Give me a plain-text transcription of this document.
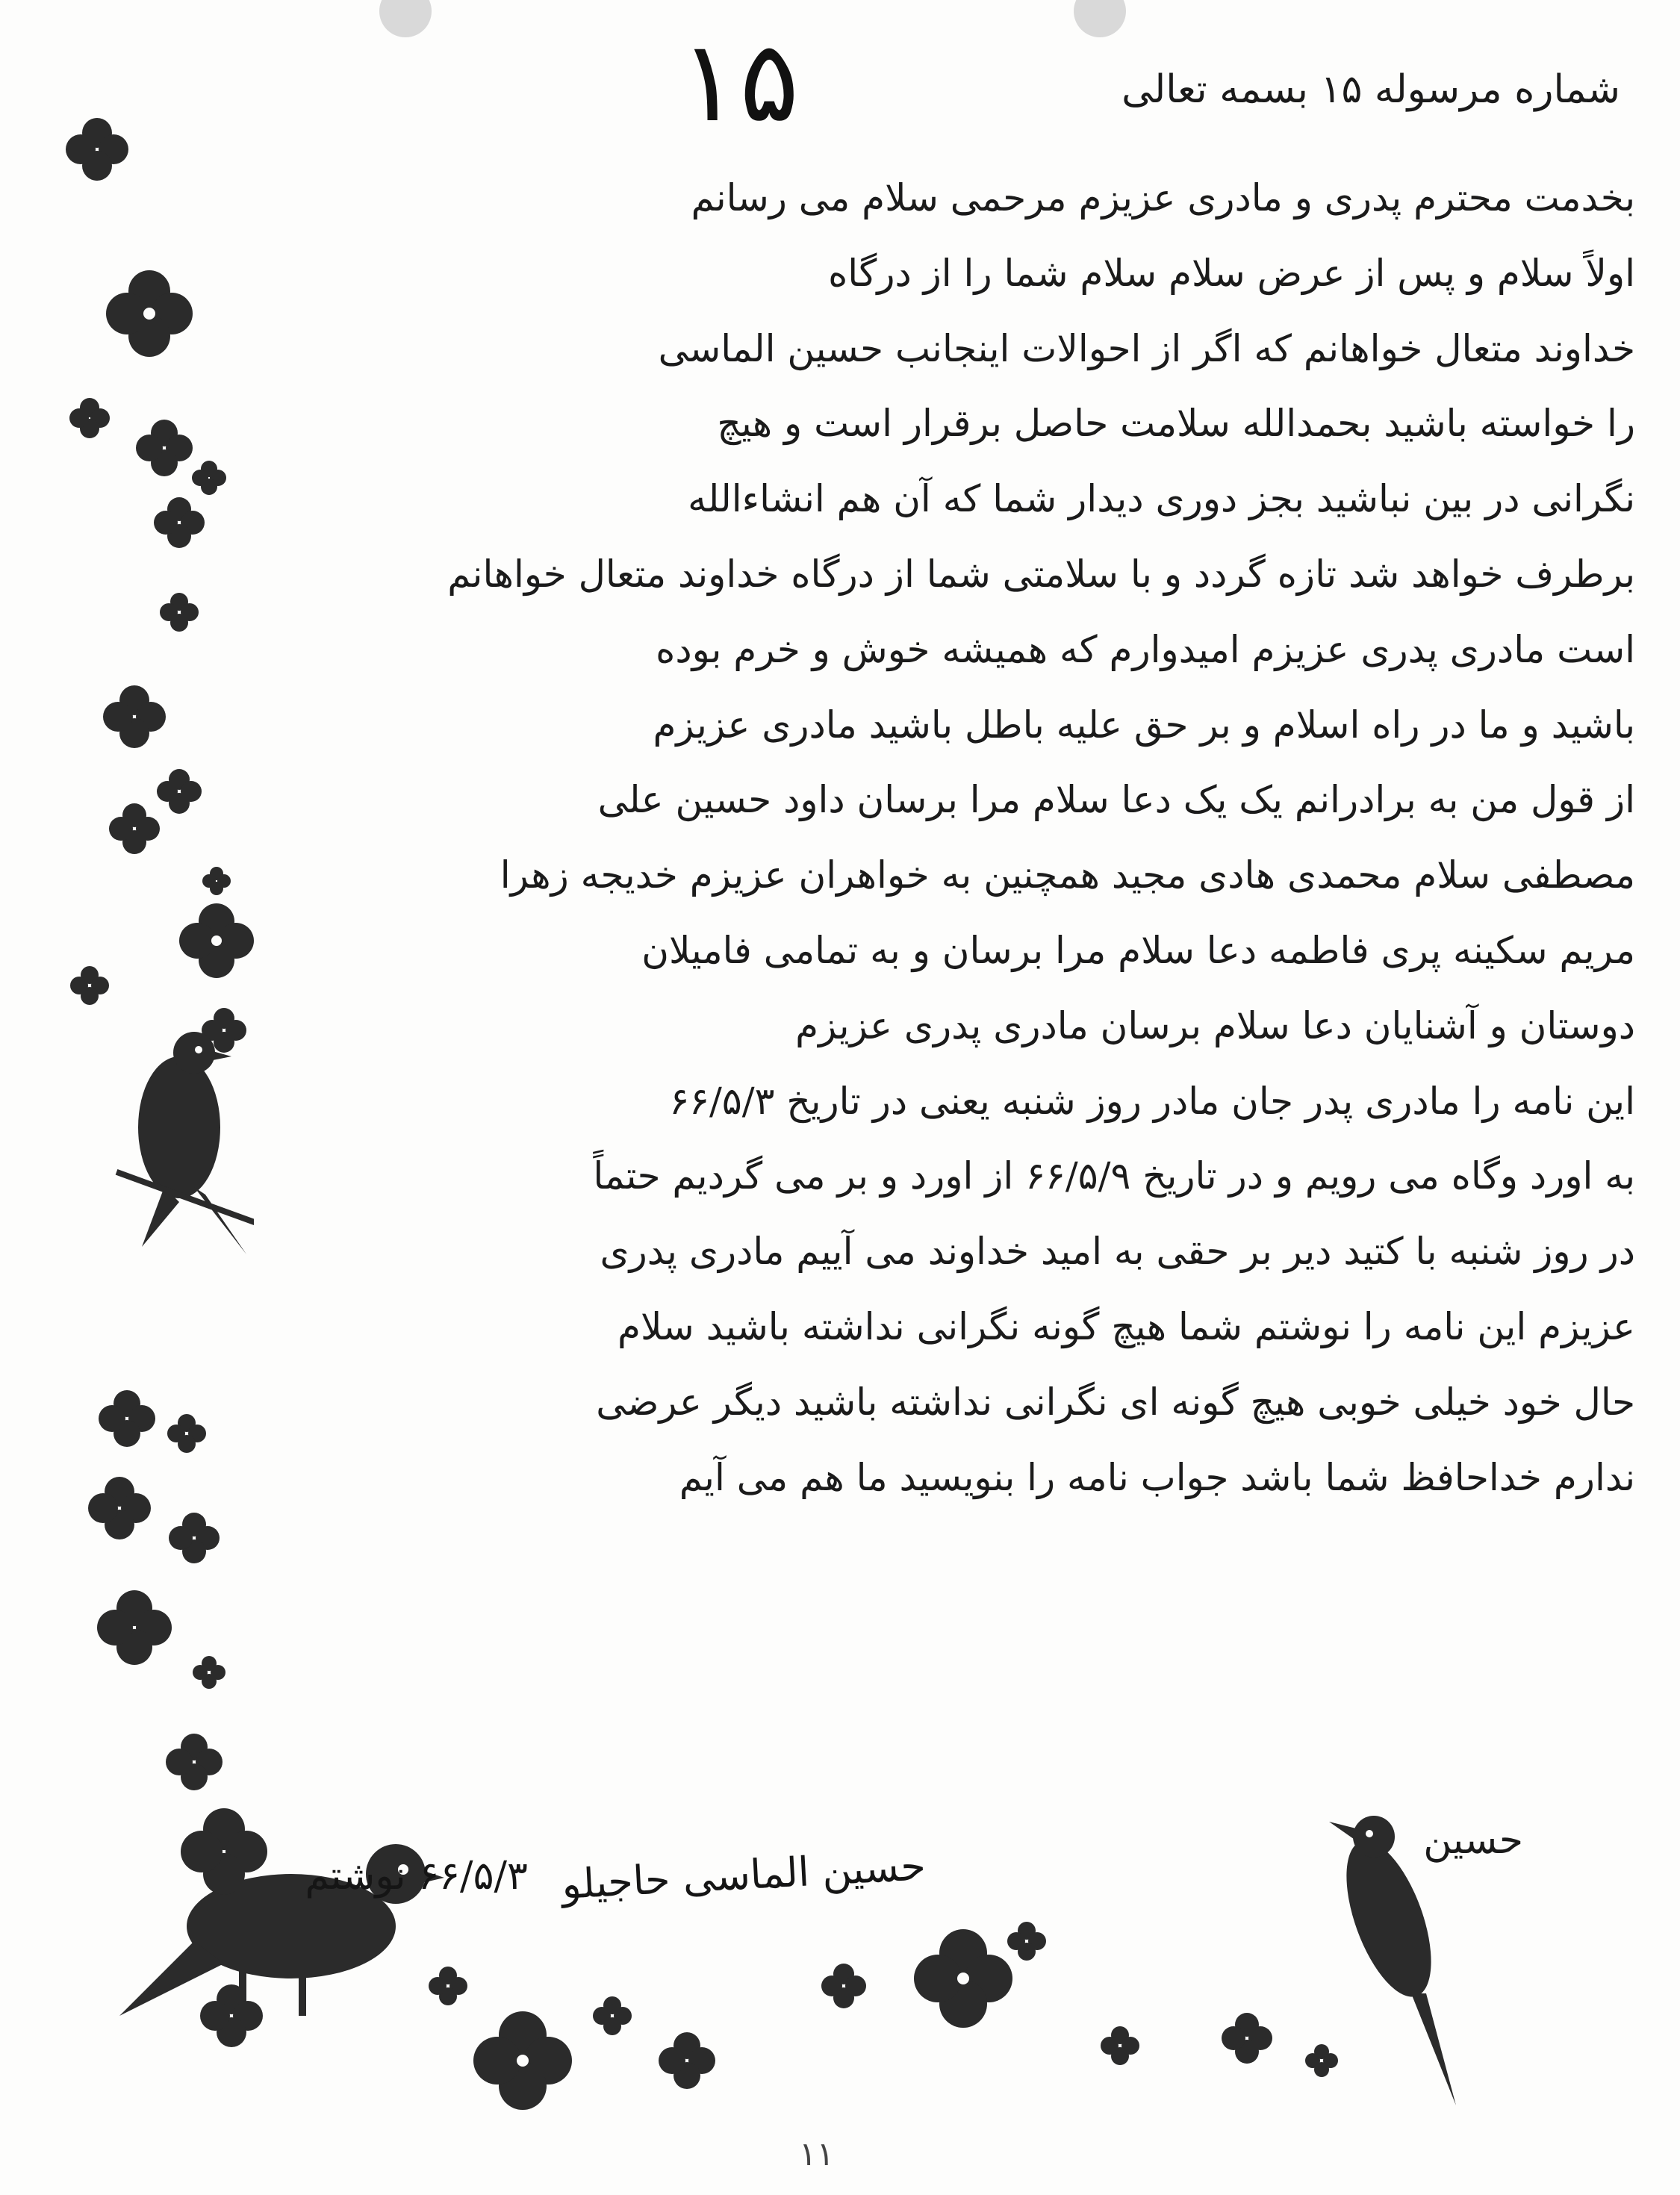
۱۵	شماره مرسوله ۱۵ بسمه تعالی
بخدمت محترم پدری و مادری عزیزم مرحمی سلام می رسانم
اولاً سلام و پس از عرض سلام سلام شما را از درگاه
خداوند متعال خواهانم که اگر از احوالات اینجانب حسین الماسی
را خواسته باشید بحمدالله سلامت حاصل برقرار است و هیچ
نگرانی در بین نباشید بجز دوری دیدار شما که آن هم انشاءالله
برطرف خواهد شد تازه گردد و با سلامتی شما از درگاه خداوند متعال خواهانم
است مادری پدری عزیزم امیدوارم که همیشه خوش و خرم بوده
باشید و ما در راه اسلام و بر حق علیه باطل باشید مادری عزیزم
از قول من به برادرانم یک یک دعا سلام مرا برسان داود حسین علی
مصطفی سلام محمدی هادی مجید همچنین به خواهران عزیزم خدیجه زهرا
مریم سکینه پری فاطمه دعا سلام مرا برسان و به تمامی فامیلان
دوستان و آشنایان دعا سلام برسان مادری پدری عزیزم
این نامه را مادری پدر جان مادر روز شنبه یعنی در تاریخ ۶۶/۵/۳
به اورد وگاه می رویم و در تاریخ ۶۶/۵/۹ از اورد و بر می گردیم حتماً
در روز شنبه با کتید دیر بر حقی به امید خداوند می آییم مادری پدری
عزیزم این نامه را نوشتم شما هیچ گونه نگرانی نداشته باشید سلام
حال خود خیلی خوبی هیچ گونه ای نگرانی نداشته باشید دیگر عرضی
ندارم خداحافظ شما باشد جواب نامه را بنویسید ما هم می آیم
حسین
حسین الماسی حاجیلو ۶۶/۵/۳ نوشتم
۱۱
